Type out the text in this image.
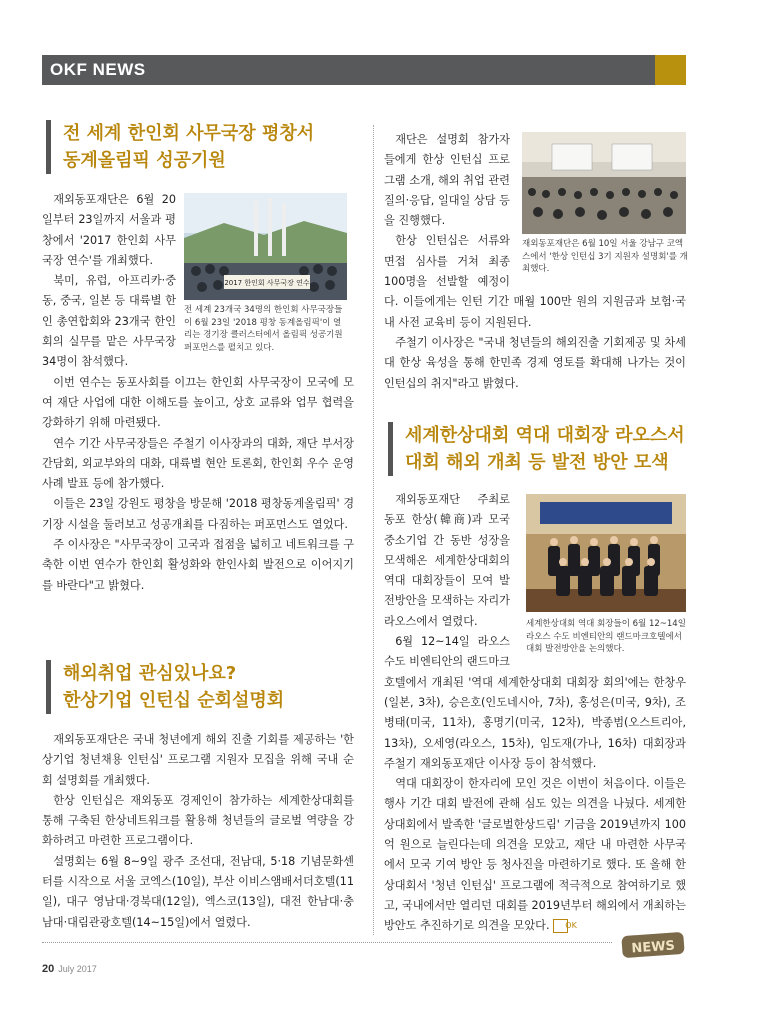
OKF NEWS
전 세계 한인회 사무국장 평창서
동계올림픽 성공기원

재외동포재단은 6월 20일부터 23일까지 서울과 평창에서 '2017 한인회 사무국장 연수'를 개최했다.

북미, 유럽, 아프리카·중동, 중국, 일본 등 대륙별 한인 총연합회와 23개국 한인회의 실무를 맡은 사무국장 34명이 참석했다.

이번 연수는 동포사회를 이끄는 한인회 사무국장이 모국에 모여 재단 사업에 대한 이해도를 높이고, 상호 교류와 업무 협력을 강화하기 위해 마련됐다.

연수 기간 사무국장들은 주철기 이사장과의 대화, 재단 부서장 간담회, 외교부와의 대화, 대륙별 현안 토론회, 한인회 우수 운영사례 발표 등에 참가했다.

이들은 23일 강원도 평창을 방문해 '2018 평창동계올림픽' 경기장 시설을 둘러보고 성공개최를 다짐하는 퍼포먼스도 열었다.

주 이사장은 "사무국장이 고국과 접점을 넓히고 네트워크를 구축한 이번 연수가 한인회 활성화와 한인사회 발전으로 이어지기를 바란다"고 밝혔다.

2017 한인회 사무국장 연수
전 세계 23개국 34명의 한인회 사무국장들이 6월 23일 '2018 평창 동계올림픽'이 열리는 경기장 클러스터에서 올림픽 성공기원 퍼포먼스를 펼치고 있다.
해외취업 관심있나요?
한상기업 인턴십 순회설명회

재외동포재단은 국내 청년에게 해외 진출 기회를 제공하는 '한상기업 청년채용 인턴십' 프로그램 지원자 모집을 위해 국내 순회 설명회를 개최했다.

한상 인턴십은 재외동포 경제인이 참가하는 세계한상대회를 통해 구축된 한상네트워크를 활용해 청년들의 글로벌 역량을 강화하려고 마련한 프로그램이다.

설명회는 6월 8~9일 광주 조선대, 전남대, 5·18 기념문화센터를 시작으로 서울 코엑스(10일), 부산 이비스앰배서더호텔(11일), 대구 영남대·경북대(12일), 엑스코(13일), 대전 한남대·충남대·대림관광호텔(14~15일)에서 열렸다.

재단은 설명회 참가자들에게 한상 인턴십 프로그램 소개, 해외 취업 관련 질의·응답, 일대일 상담 등을 진행했다.

한상 인턴십은 서류와 면접 심사를 거쳐 최종 100명을 선발할 예정이다. 이들에게는 인턴 기간 매월 100만 원의 지원금과 보험·국내 사전 교육비 등이 지원된다.

주철기 이사장은 "국내 청년들의 해외진출 기회제공 및 차세대 한상 육성을 통해 한민족 경제 영토를 확대해 나가는 것이 인턴십의 취지"라고 밝혔다.

재외동포재단은 6월 10일 서울 강남구 코엑스에서 '한상 인턴십 3기 지원자 설명회'를 개최했다.
세계한상대회 역대 대회장 라오스서
대회 해외 개최 등 발전 방안 모색

재외동포재단 주최로 동포 한상(韓商)과 모국 중소기업 간 동반 성장을 모색해온 세계한상대회의 역대 대회장들이 모여 발전방안을 모색하는 자리가 라오스에서 열렸다.

6월 12~14일 라오스 수도 비엔티안의 랜드마크호텔에서 개최된 '역대 세계한상대회 대회장 회의'에는 한창우(일본, 3차), 승은호(인도네시아, 7차), 홍성은(미국, 9차), 조병태(미국, 11차), 홍명기(미국, 12차), 박종범(오스트리아, 13차), 오세영(라오스, 15차), 임도재(가나, 16차) 대회장과 주철기 재외동포재단 이사장 등이 참석했다.

역대 대회장이 한자리에 모인 것은 이번이 처음이다. 이들은 행사 기간 대회 발전에 관해 심도 있는 의견을 나눴다. 세계한상대회에서 발족한 '글로벌한상드림' 기금을 2019년까지 100억 원으로 늘린다는데 의견을 모았고, 재단 내 마련한 사무국에서 모국 기여 방안 등 청사진을 마련하기로 했다. 또 올해 한상대회서 '청년 인턴십' 프로그램에 적극적으로 참여하기로 했고, 국내에서만 열리던 대회를 2019년부터 해외에서 개최하는 방안도 추진하기로 의견을 모았다. OK

세계한상대회 역대 회장들이 6월 12~14일 라오스 수도 비엔티안의 랜드마크호텔에서 대회 발전방안을 논의했다.
20 July 2017
NEWS
